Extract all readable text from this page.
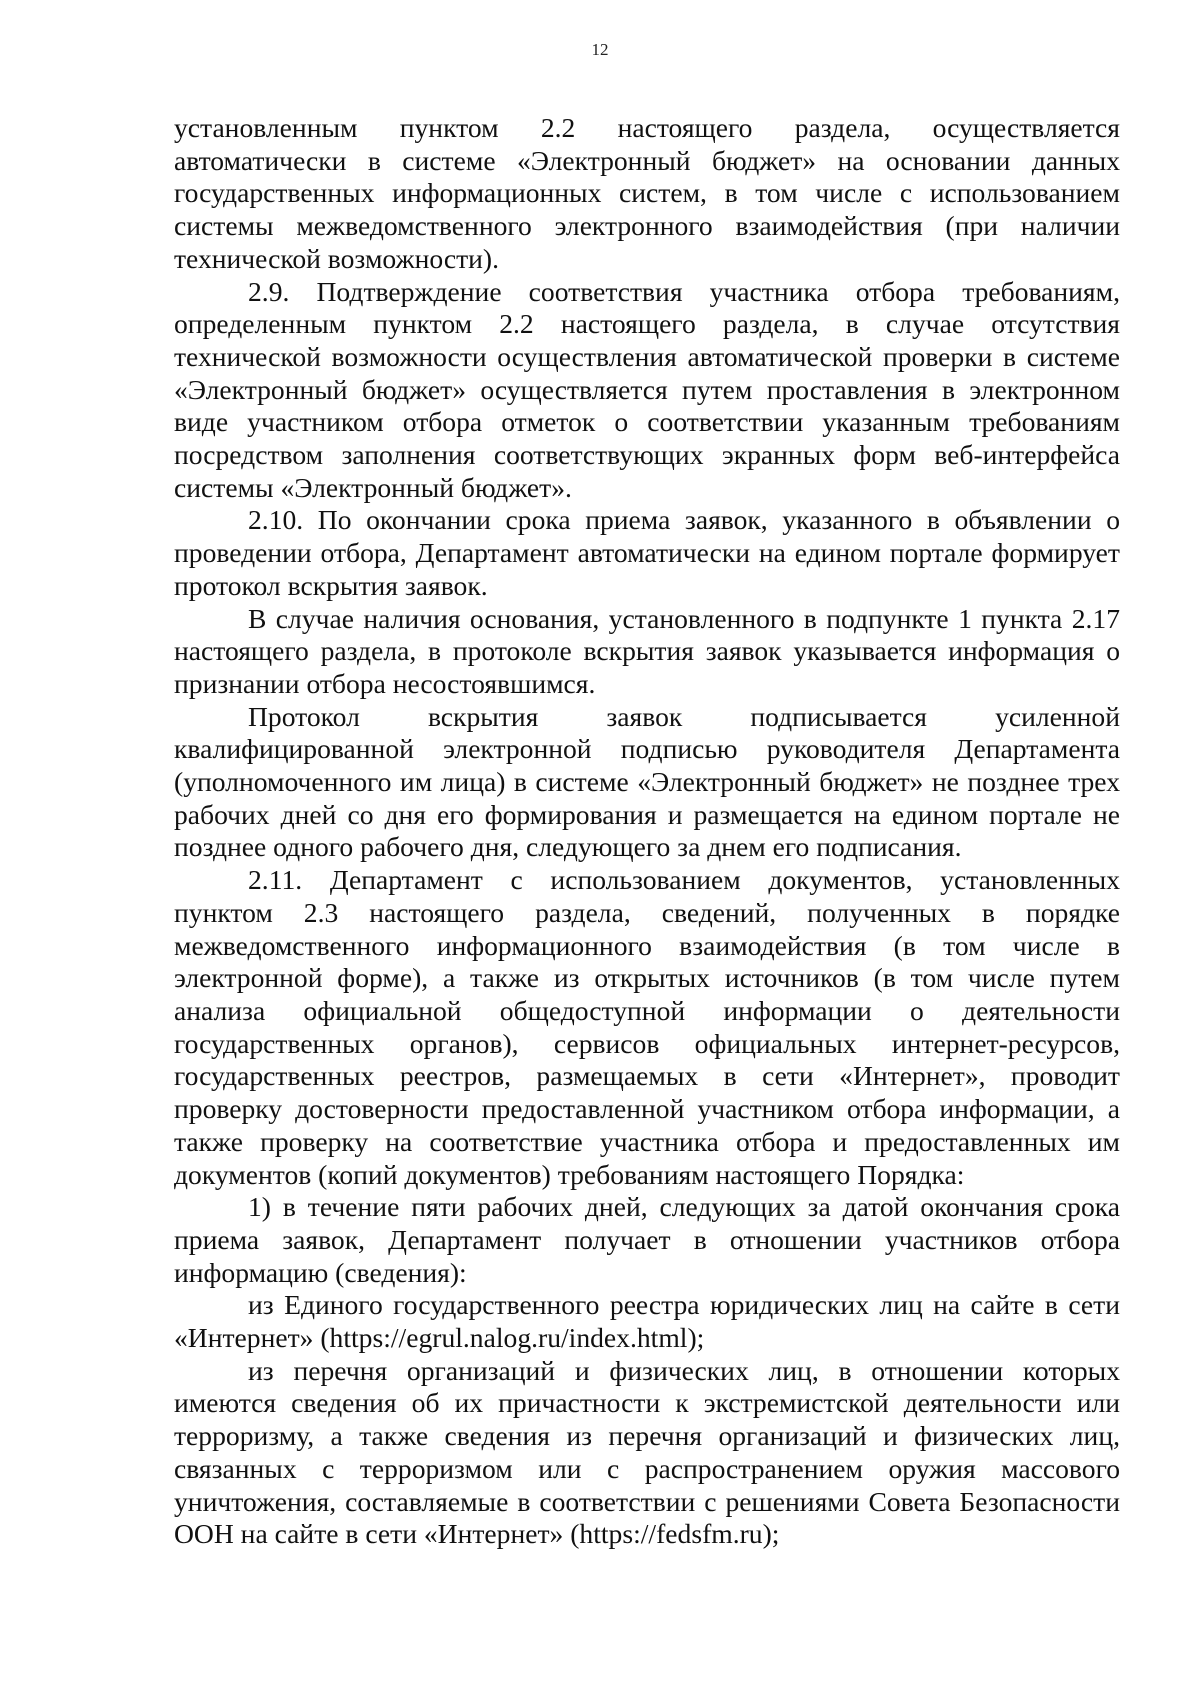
12

установленным пунктом 2.2 настоящего раздела, осуществляется автоматически в системе «Электронный бюджет» на основании данных государственных информационных систем, в том числе с использованием системы межведомственного электронного взаимодействия (при наличии технической возможности).

2.9. Подтверждение соответствия участника отбора требованиям, определенным пунктом 2.2 настоящего раздела, в случае отсутствия технической возможности осуществления автоматической проверки в системе «Электронный бюджет» осуществляется путем проставления в электронном виде участником отбора отметок о соответствии указанным требованиям посредством заполнения соответствующих экранных форм веб-интерфейса системы «Электронный бюджет».

2.10. По окончании срока приема заявок, указанного в объявлении о проведении отбора, Департамент автоматически на едином портале формирует протокол вскрытия заявок.

В случае наличия основания, установленного в подпункте 1 пункта 2.17 настоящего раздела, в протоколе вскрытия заявок указывается информация о признании отбора несостоявшимся.

Протокол вскрытия заявок подписывается усиленной квалифицированной электронной подписью руководителя Департамента (уполномоченного им лица) в системе «Электронный бюджет» не позднее трех рабочих дней со дня его формирования и размещается на едином портале не позднее одного рабочего дня, следующего за днем его подписания.

2.11. Департамент с использованием документов, установленных пунктом 2.3 настоящего раздела, сведений, полученных в порядке межведомственного информационного взаимодействия (в том числе в электронной форме), а также из открытых источников (в том числе путем анализа официальной общедоступной информации о деятельности государственных органов), сервисов официальных интернет-ресурсов, государственных реестров, размещаемых в сети «Интернет», проводит проверку достоверности предоставленной участником отбора информации, а также проверку на соответствие участника отбора и предоставленных им документов (копий документов) требованиям настоящего Порядка:

1) в течение пяти рабочих дней, следующих за датой окончания срока приема заявок, Департамент получает в отношении участников отбора информацию (сведения):

из Единого государственного реестра юридических лиц на сайте в сети «Интернет» (https://egrul.nalog.ru/index.html);

из перечня организаций и физических лиц, в отношении которых имеются сведения об их причастности к экстремистской деятельности или терроризму, а также сведения из перечня организаций и физических лиц, связанных с терроризмом или с распространением оружия массового уничтожения, составляемые в соответствии с решениями Совета Безопасности ООН на сайте в сети «Интернет» (https://fedsfm.ru);
